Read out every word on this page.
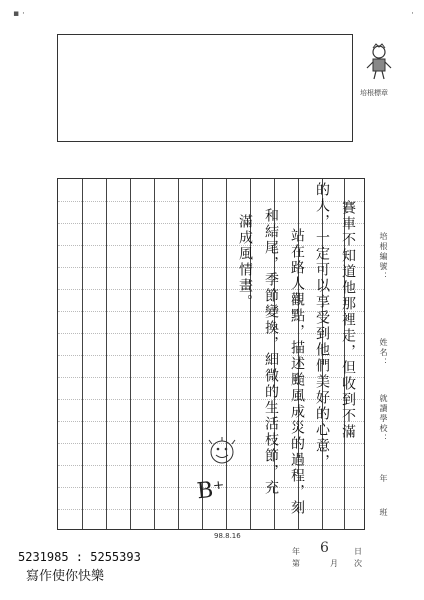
▪ ·	·
培根標章
賽車不知道他那裡走，但收到不滿
的人，一定可以享受到他們美好的心意，
站在路人觀點，描述颱風成災的過程，刻
和結尾，季節變換，細微的生活枝節，充
滿成風情畫。
B⁺
98.8.16
培根編號：
姓名：
就讀學校：
年
班
5231985 : 5255393
寫作使你快樂
年
第
6
月
日
次
